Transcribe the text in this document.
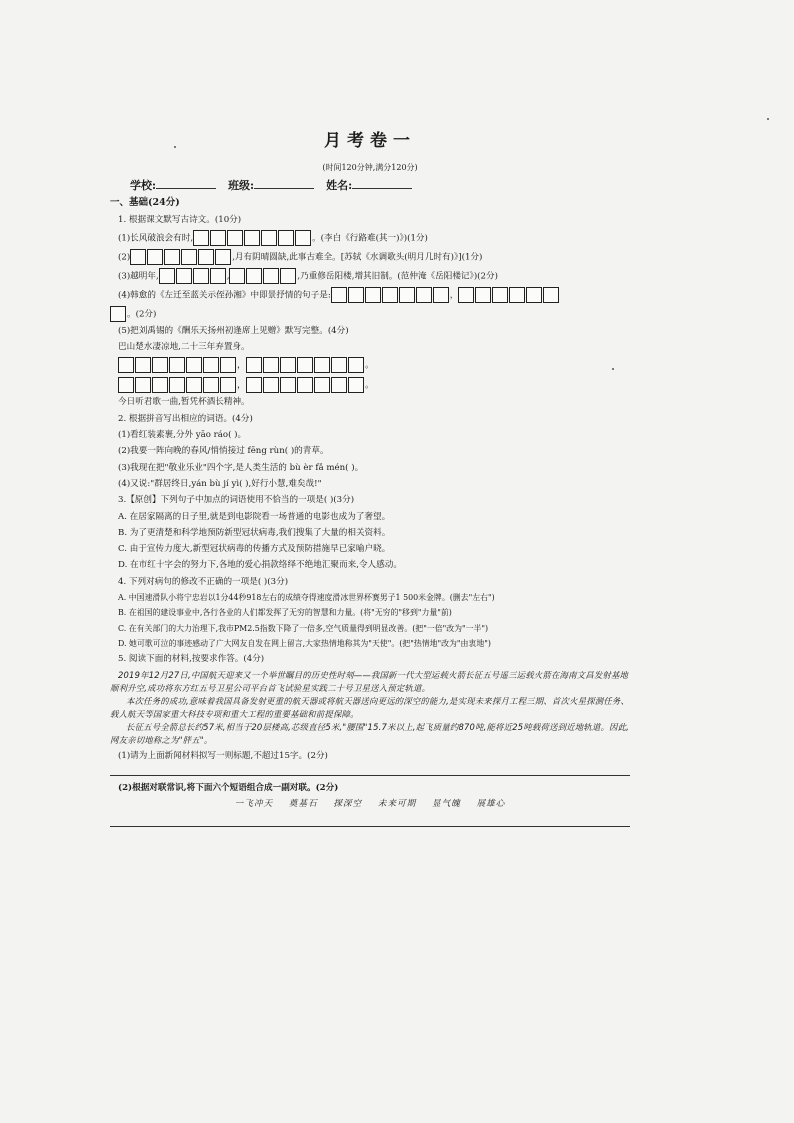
月考卷一
(时间120分钟,满分120分)
学校:	班级:	姓名:
一、基础(24分)
1. 根据课文默写古诗文。(10分)
(1)长风破浪会有时,	。(李白《行路难(其一)》)(1分)
(2)	,月有阴晴圆缺,此事古难全。[苏轼《水调歌头(明月几时有)》](1分)
(3)越明年,	,	,乃重修岳阳楼,增其旧制。(范仲淹《岳阳楼记》)(2分)
(4)韩愈的《左迁至蓝关示侄孙湘》中即景抒情的句子是:	，
。(2分)
(5)把刘禹锡的《酬乐天扬州初逢席上见赠》默写完整。(4分)
巴山楚水凄凉地,二十三年弃置身。
，	。
，	。
今日听君歌一曲,暂凭杯酒长精神。
2. 根据拼音写出相应的词语。(4分)
(1)看红装素裹,分外 yāo ráo( )。
(2)我要一阵向晚的春风/悄悄接过 fēng rùn( )的青草。
(3)我现在把"敬业乐业"四个字,是人类生活的 bù èr fǎ mén( )。
(4)又说:"群居终日,yán bù jí yì( ),好行小慧,难矣哉!"
3.【原创】下列句子中加点的词语使用不恰当的一项是( )(3分)
A. 在居家隔离的日子里,就是到电影院看一场普通的电影也成为了奢望。
B. 为了更清楚和科学地预防新型冠状病毒,我们搜集了大量的相关资料。
C. 由于宣传力度大,新型冠状病毒的传播方式及预防措施早已家喻户晓。
D. 在市红十字会的努力下,各地的爱心捐款络绎不绝地汇聚而来,令人感动。
4. 下列对病句的修改不正确的一项是( )(3分)
A. 中国速滑队小将宁忠岩以1分44秒918左右的成绩夺得速度滑冰世界杯赛男子1 500米金牌。(删去"左右")
B. 在祖国的建设事业中,各行各业的人们都发挥了无穷的智慧和力量。(将"无穷的"移到"力量"前)
C. 在有关部门的大力治理下,我市PM2.5指数下降了一倍多,空气质量得到明显改善。(把"一倍"改为"一半")
D. 她可歌可泣的事迹感动了广大网友自发在网上留言,大家热情地称其为"天使"。(把"热情地"改为"由衷地")
5. 阅读下面的材料,按要求作答。(4分)
2019年12月27日,中国航天迎来又一个举世瞩目的历史性时刻——我国新一代大型运载火箭长征五号遥三运载火箭在海南文昌发射基地顺利升空,成功将东方红五号卫星公司平台首飞试验星实践二十号卫星送入预定轨道。
本次任务的成功,意味着我国具备发射更重的航天器或将航天器送向更远的深空的能力,是实现未来探月工程三期、首次火星探测任务、载人航天等国家重大科技专项和重大工程的重要基础和前提保障。
长征五号全箭总长约57米,相当于20层楼高,芯级直径5米,"腰围"15.7米以上,起飞质量约870吨,能将近25吨载荷送到近地轨道。因此,网友亲切地称之为"胖五"。
(1)请为上面新闻材料拟写一则标题,不超过15字。(2分)
(2)根据对联常识,将下面六个短语组合成一副对联。(2分)
一飞冲天 奠基石 探深空 未来可期 显气魄 展雄心
